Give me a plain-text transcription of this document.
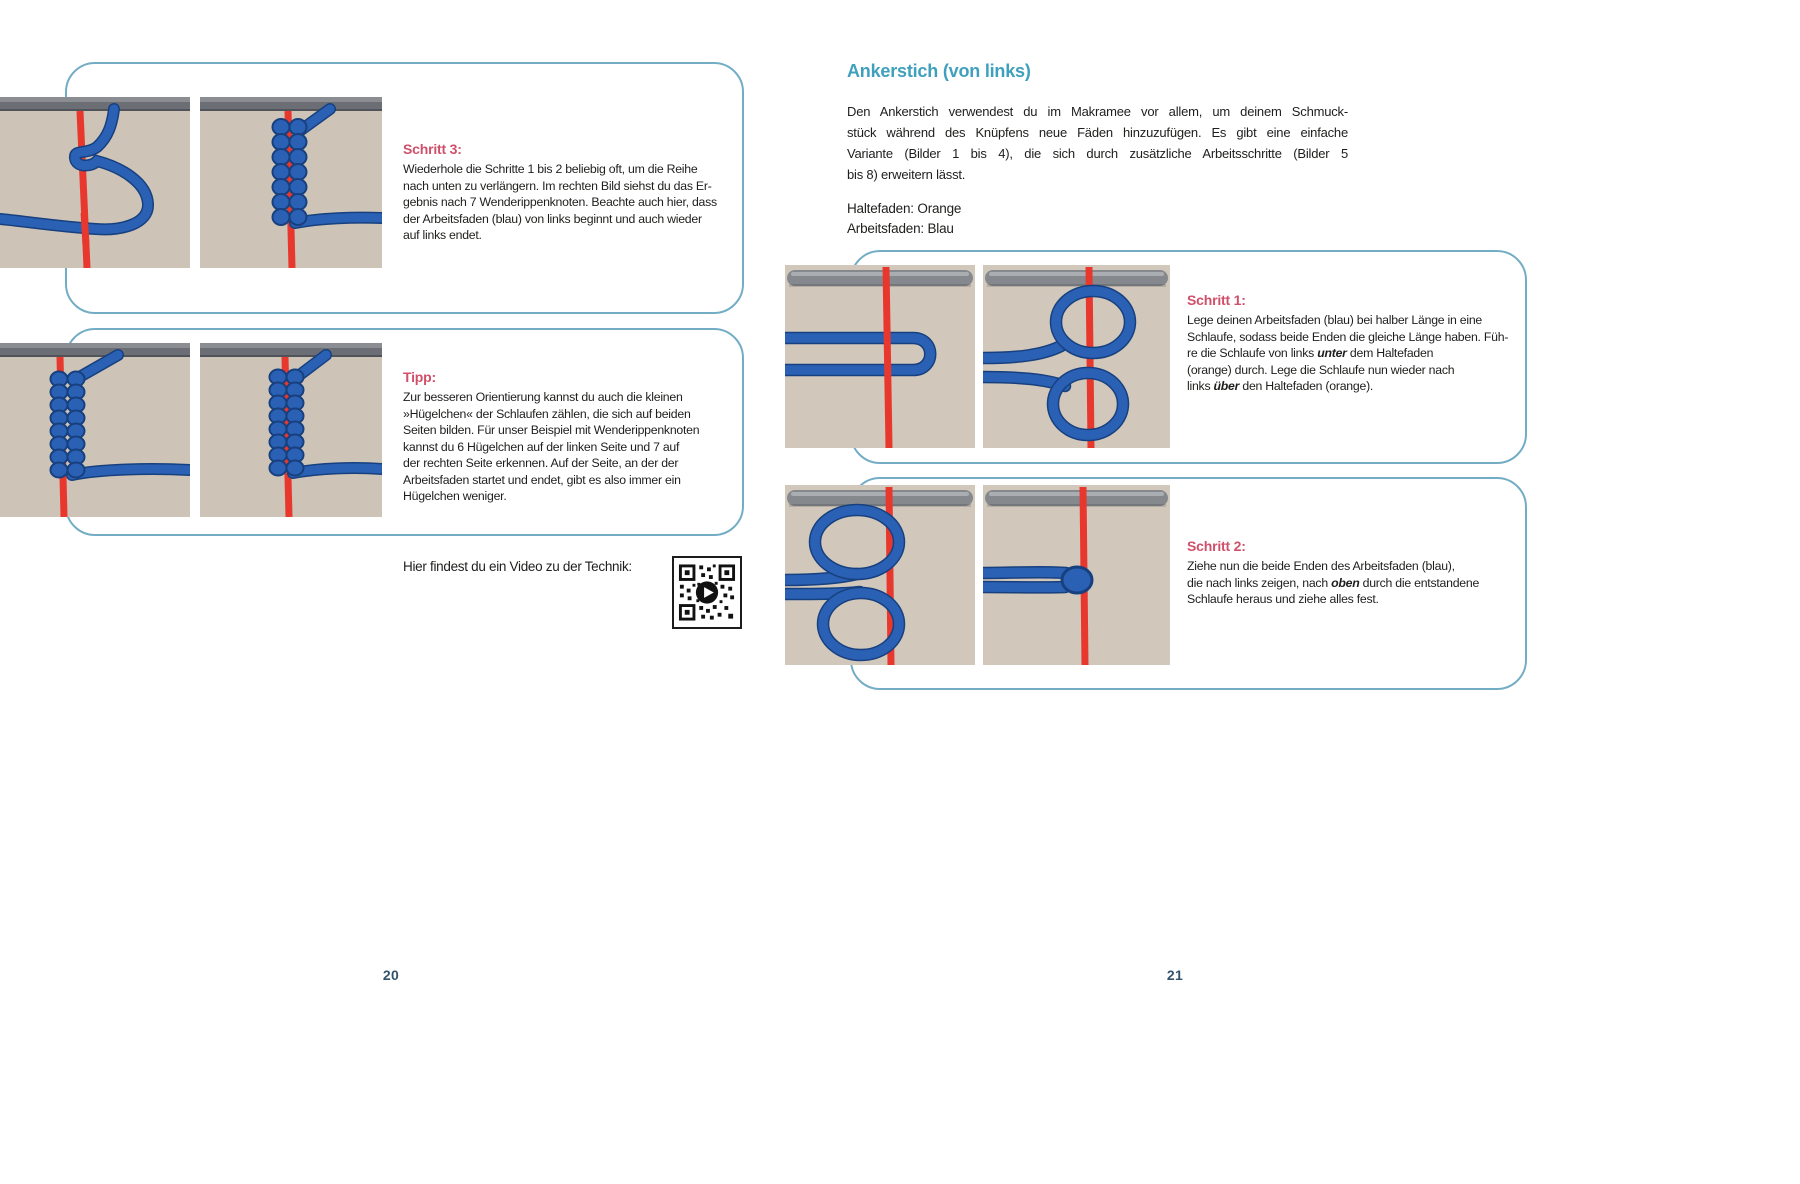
Schritt 3:
Wiederhole die Schritte 1 bis 2 beliebig oft, um die Reihe
nach unten zu verlängern. Im rechten Bild siehst du das Er-
gebnis nach 7 Wenderippenknoten. Beachte auch hier, dass
der Arbeitsfaden (blau) von links beginnt und auch wieder
auf links endet.
Tipp:
Zur besseren Orientierung kannst du auch die kleinen
»Hügelchen« der Schlaufen zählen, die sich auf beiden
Seiten bilden. Für unser Beispiel mit Wenderippenknoten
kannst du 6 Hügelchen auf der linken Seite und 7 auf
der rechten Seite erkennen. Auf der Seite, an der der
Arbeitsfaden startet und endet, gibt es also immer ein
Hügelchen weniger.
Hier findest du ein Video zu der Technik:
20
Ankerstich (von links)
Den Ankerstich verwendest du im Makramee vor allem, um deinem Schmuck-
stück während des Knüpfens neue Fäden hinzuzufügen. Es gibt eine einfache
Variante (Bilder 1 bis 4), die sich durch zusätzliche Arbeitsschritte (Bilder 5
bis 8) erweitern lässt.
Haltefaden: Orange
Arbeitsfaden: Blau
Schritt 1:
Lege deinen Arbeitsfaden (blau) bei halber Länge in eine
Schlaufe, sodass beide Enden die gleiche Länge haben. Füh-
re die Schlaufe von links unter dem Haltefaden
(orange) durch. Lege die Schlaufe nun wieder nach
links über den Haltefaden (orange).
Schritt 2:
Ziehe nun die beide Enden des Arbeitsfaden (blau),
die nach links zeigen, nach oben durch die entstandene
Schlaufe heraus und ziehe alles fest.
21
